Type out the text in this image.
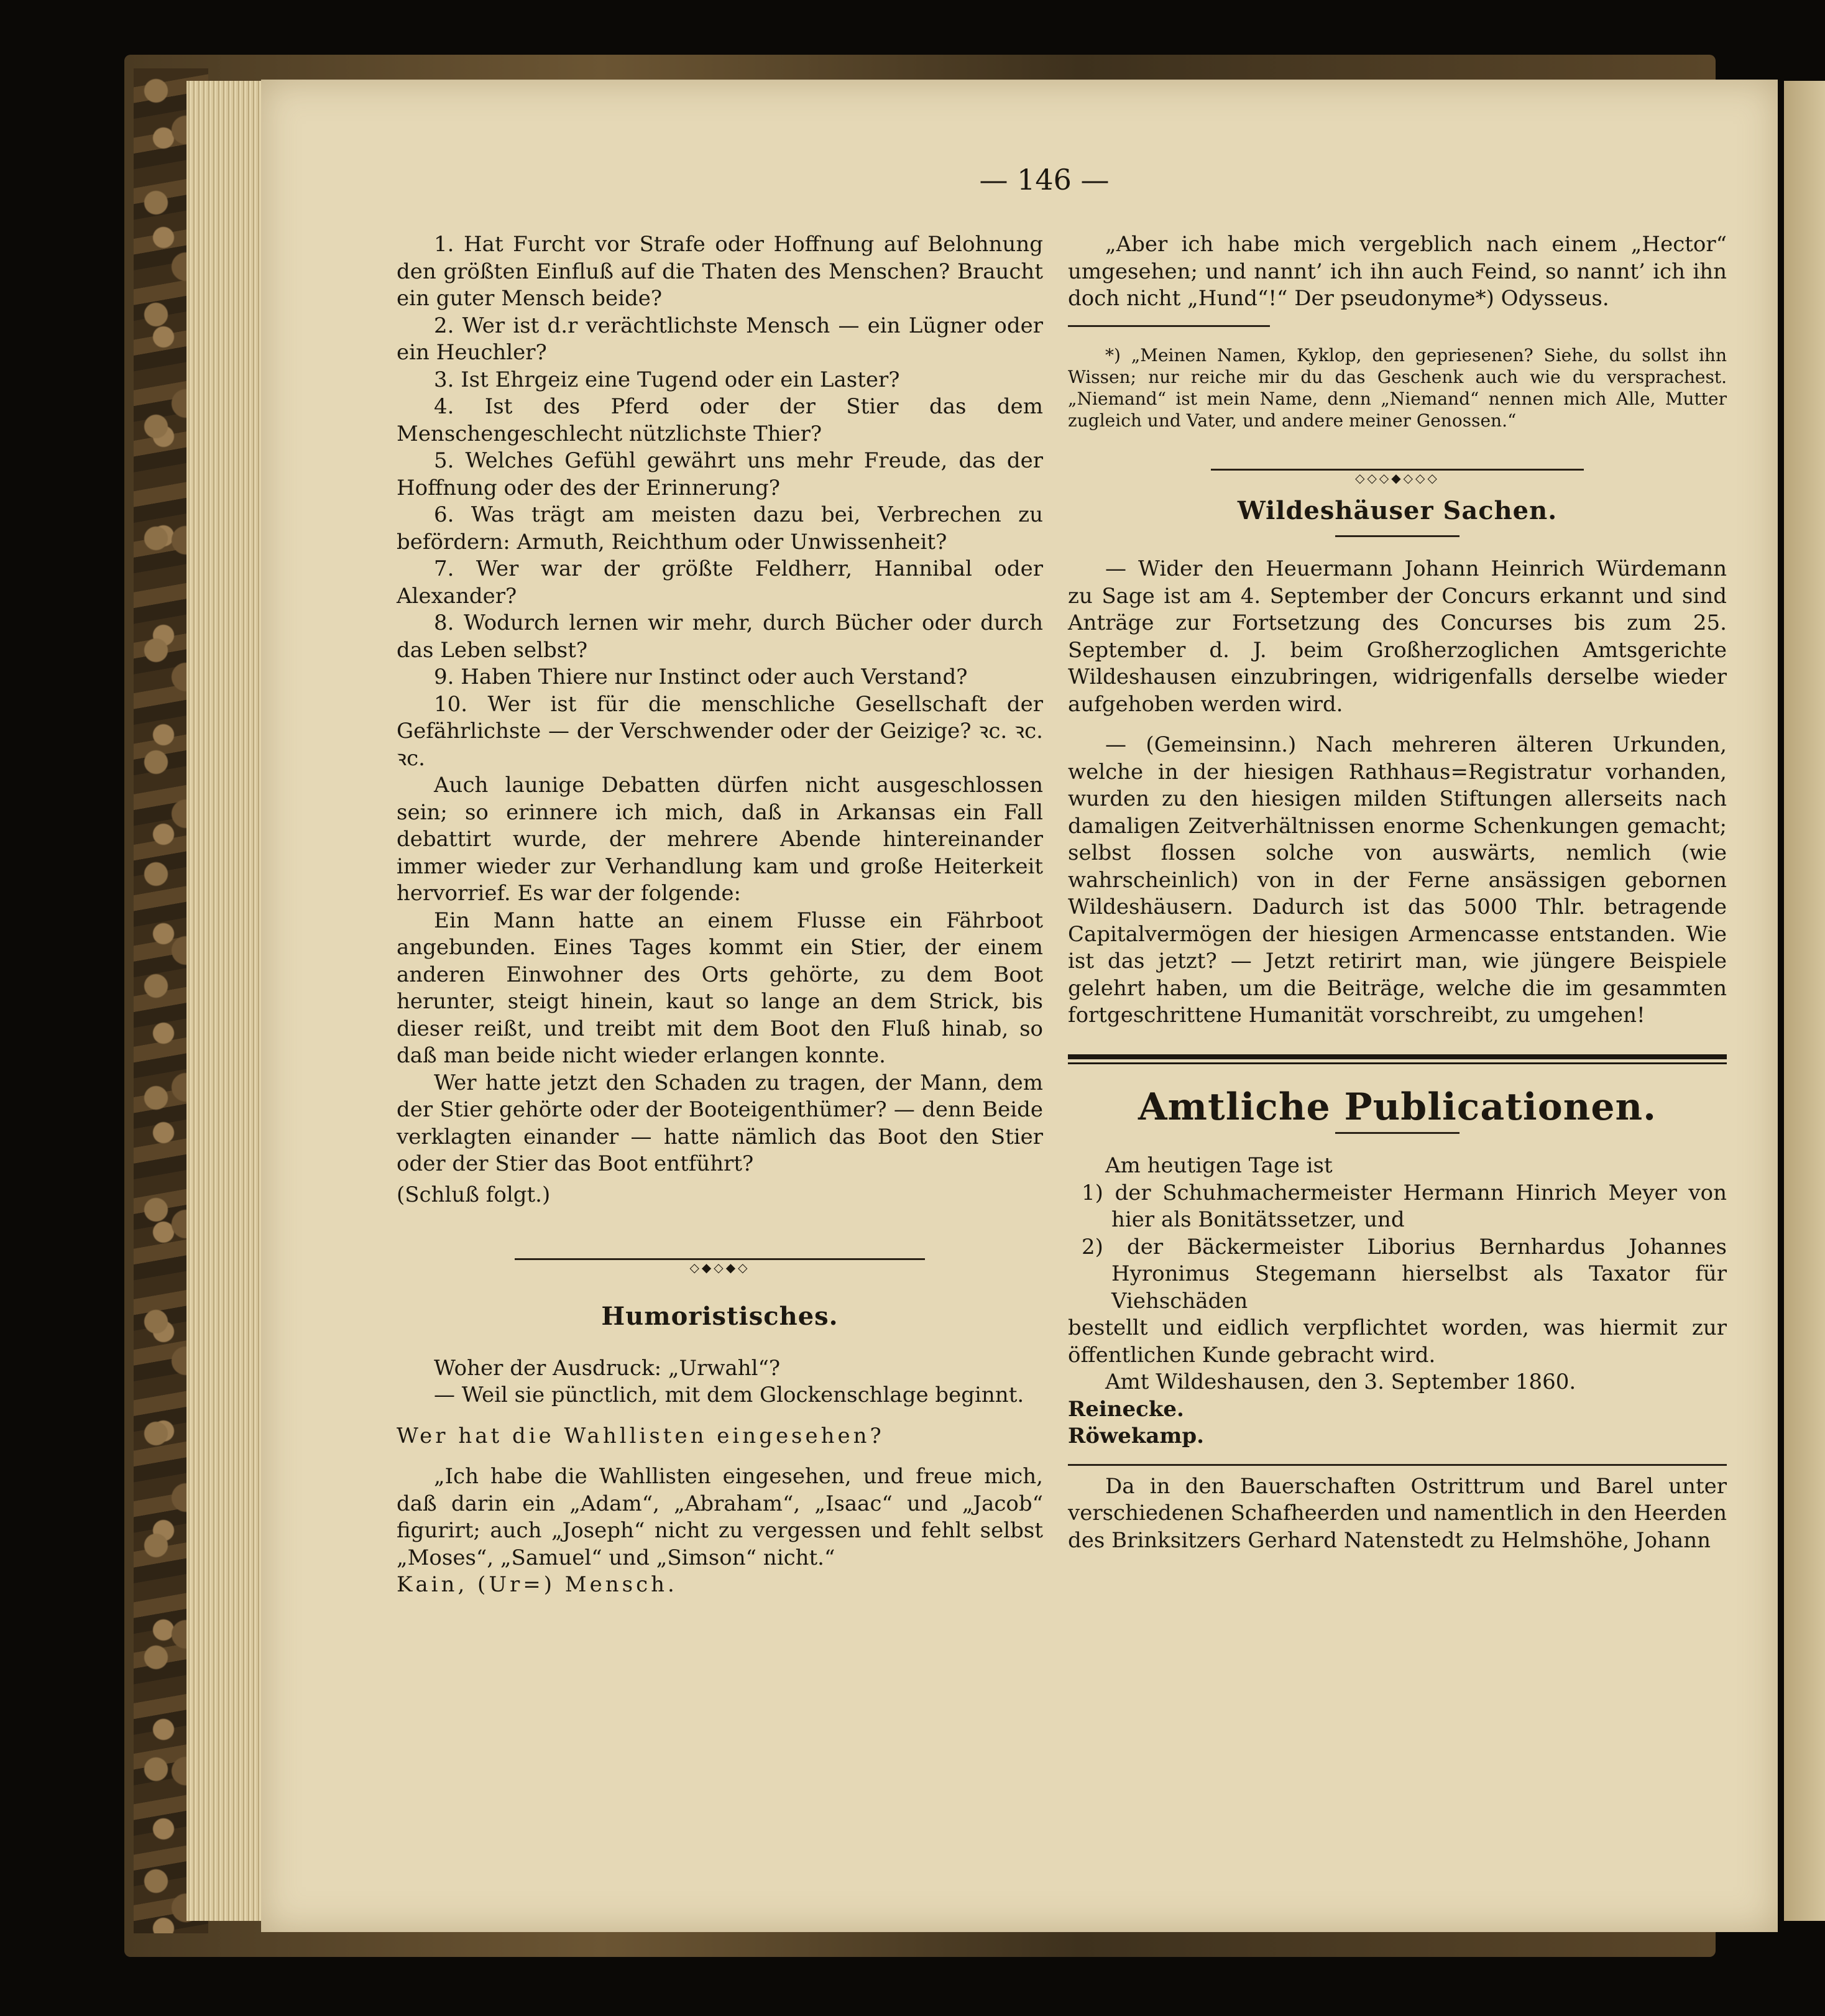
— 146 —

1. Hat Furcht vor Strafe oder Hoffnung auf Belohnung den größten Einfluß auf die Thaten des Menschen? Braucht ein guter Mensch beide?

2. Wer ist d.r verächtlichste Mensch — ein Lügner oder ein Heuchler?

3. Ist Ehrgeiz eine Tugend oder ein Laster?

4. Ist des Pferd oder der Stier das dem Menschengeschlecht nützlichste Thier?

5. Welches Gefühl gewährt uns mehr Freude, das der Hoffnung oder des der Erinnerung?

6. Was trägt am meisten dazu bei, Verbrechen zu befördern: Armuth, Reichthum oder Unwissenheit?

7. Wer war der größte Feldherr, Hannibal oder Alexander?

8. Wodurch lernen wir mehr, durch Bücher oder durch das Leben selbst?

9. Haben Thiere nur Instinct oder auch Verstand?

10. Wer ist für die menschliche Gesellschaft der Gefährlichste — der Verschwender oder der Geizige? ꝛc. ꝛc. ꝛc.

Auch launige Debatten dürfen nicht ausgeschlossen sein; so erinnere ich mich, daß in Arkansas ein Fall debattirt wurde, der mehrere Abende hintereinander immer wieder zur Verhandlung kam und große Heiterkeit hervorrief. Es war der folgende:

Ein Mann hatte an einem Flusse ein Fährboot angebunden. Eines Tages kommt ein Stier, der einem anderen Einwohner des Orts gehörte, zu dem Boot herunter, steigt hinein, kaut so lange an dem Strick, bis dieser reißt, und treibt mit dem Boot den Fluß hinab, so daß man beide nicht wieder erlangen konnte.

Wer hatte jetzt den Schaden zu tragen, der Mann, dem der Stier gehörte oder der Booteigenthümer? — denn Beide verklagten einander — hatte nämlich das Boot den Stier oder der Stier das Boot entführt?

(Schluß folgt.)

◇◆◇◆◇
Humoristisches.

Woher der Ausdruck: „Urwahl“?

— Weil sie pünctlich, mit dem Glockenschlage beginnt.

Wer hat die Wahllisten eingesehen?

„Ich habe die Wahllisten eingesehen, und freue mich, daß darin ein „Adam“, „Abraham“, „Isaac“ und „Jacob“ figurirt; auch „Joseph“ nicht zu vergessen und fehlt selbst „Moses“, „Samuel“ und „Simson“ nicht.“

Kain, (Ur=) Mensch.

„Aber ich habe mich vergeblich nach einem „Hector“ umgesehen; und nannt’ ich ihn auch Feind, so nannt’ ich ihn doch nicht „Hund“!“ Der pseudonyme*) Odysseus.

*) „Meinen Namen, Kyklop, den gepriesenen? Siehe, du sollst ihn Wissen; nur reiche mir du das Geschenk auch wie du versprachest. „Niemand“ ist mein Name, denn „Niemand“ nennen mich Alle, Mutter zugleich und Vater, und andere meiner Genossen.“

◇◇◇◆◇◇◇
Wildeshäuser Sachen.

— Wider den Heuermann Johann Heinrich Würdemann zu Sage ist am 4. September der Concurs erkannt und sind Anträge zur Fortsetzung des Concurses bis zum 25. September d. J. beim Großherzoglichen Amtsgerichte Wildeshausen einzubringen, widrigenfalls derselbe wieder aufgehoben werden wird.

— (Gemeinsinn.) Nach mehreren älteren Urkunden, welche in der hiesigen Rathhaus=Registratur vorhanden, wurden zu den hiesigen milden Stiftungen allerseits nach damaligen Zeitverhältnissen enorme Schenkungen gemacht; selbst flossen solche von auswärts, nemlich (wie wahrscheinlich) von in der Ferne ansässigen gebornen Wildeshäusern. Dadurch ist das 5000 Thlr. betragende Capitalvermögen der hiesigen Armencasse entstanden. Wie ist das jetzt? — Jetzt retirirt man, wie jüngere Beispiele gelehrt haben, um die Beiträge, welche die im gesammten fortgeschrittene Humanität vorschreibt, zu umgehen!

Amtliche Publicationen.

Am heutigen Tage ist

1) der Schuhmachermeister Hermann Hinrich Meyer von hier als Bonitätssetzer, und

2) der Bäckermeister Liborius Bernhardus Johannes Hyronimus Stegemann hierselbst als Taxator für Viehschäden

bestellt und eidlich verpflichtet worden, was hiermit zur öffentlichen Kunde gebracht wird.

Amt Wildeshausen, den 3. September 1860.

Reinecke.

Röwekamp.

Da in den Bauerschaften Ostrittrum und Barel unter verschiedenen Schafheerden und namentlich in den Heerden des Brinksitzers Gerhard Natenstedt zu Helmshöhe, Johann
